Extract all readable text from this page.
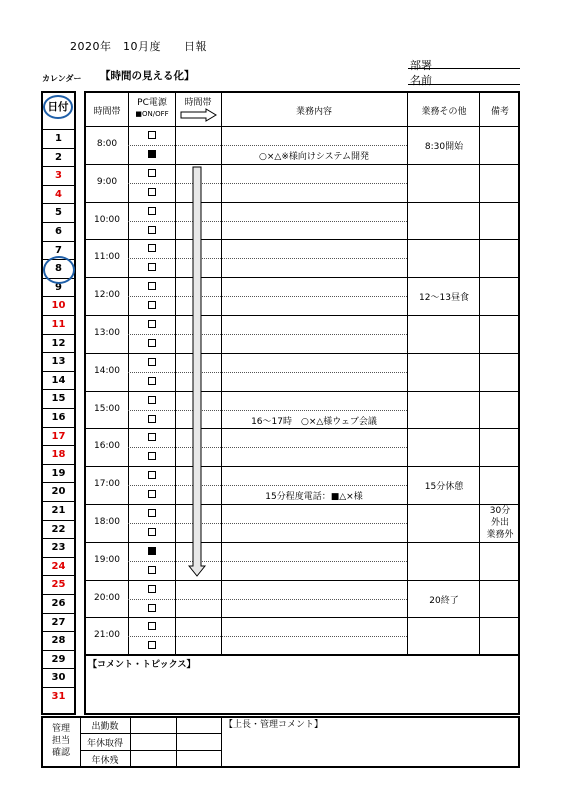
2020年　10月度　　日報
部署
名前
カレンダー 【時間の見える化】
日付
1
2
3
4
5
6
7
8
9
10
11
12
13
14
15
16
17
18
19
20
21
22
23
24
25
26
27
28
29
30
31
8:00
9:00
10:00
11:00
12:00
13:00
14:00
15:00
16:00
17:00
18:00
19:00
20:00
21:00
時間帯
PC電源
■ON/OFF
時間帯
業務内容	業務その他	備考
○×△※様向けシステム開発
16～17時　○×△様ウェブ会議
15分程度電話：■△×様
8:30開始
12～13昼食
15分休憩
20終了
30分
外出
業務外
【コメント・トピックス】
管理
担当
確認
出勤数
年休取得
年休残
【上長・管理コメント】
